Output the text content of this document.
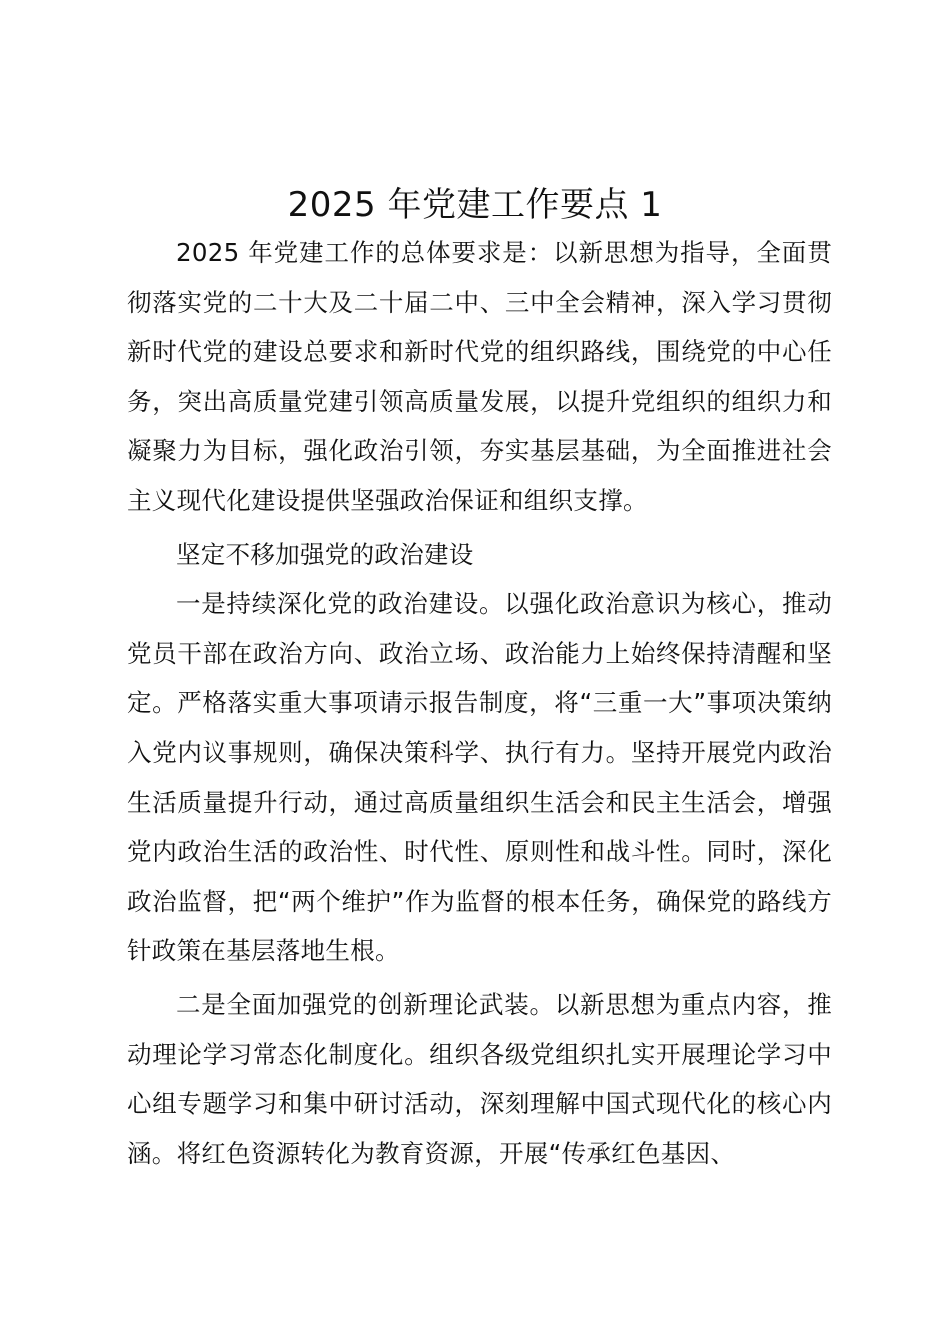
2025 年党建工作要点 1

2025 年党建工作的总体要求是：以新思想为指导，全面贯彻落实党的二十大及二十届二中、三中全会精神，深入学习贯彻新时代党的建设总要求和新时代党的组织路线，围绕党的中心任务，突出高质量党建引领高质量发展，以提升党组织的组织力和凝聚力为目标，强化政治引领，夯实基层基础，为全面推进社会主义现代化建设提供坚强政治保证和组织支撑。

坚定不移加强党的政治建设

一是持续深化党的政治建设。以强化政治意识为核心，推动党员干部在政治方向、政治立场、政治能力上始终保持清醒和坚定。严格落实重大事项请示报告制度，将“三重一大”事项决策纳入党内议事规则，确保决策科学、执行有力。坚持开展党内政治生活质量提升行动，通过高质量组织生活会和民主生活会，增强党内政治生活的政治性、时代性、原则性和战斗性。同时，深化政治监督，把“两个维护”作为监督的根本任务，确保党的路线方针政策在基层落地生根。

二是全面加强党的创新理论武装。以新思想为重点内容，推动理论学习常态化制度化。组织各级党组织扎实开展理论学习中心组专题学习和集中研讨活动，深刻理解中国式现代化的核心内涵。将红色资源转化为教育资源，开展“传承红色基因、
